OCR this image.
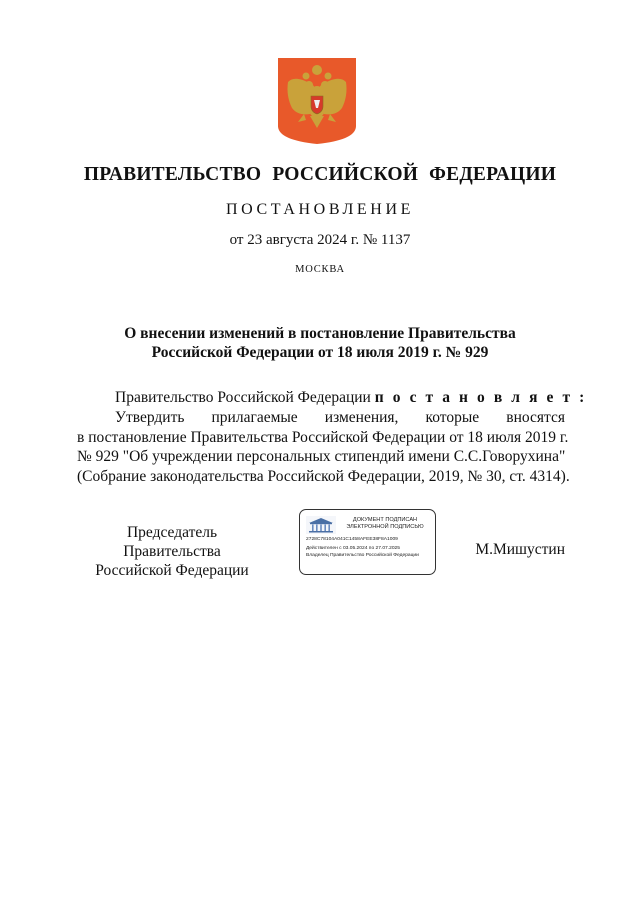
ПРАВИТЕЛЬСТВО РОССИЙСКОЙ ФЕДЕРАЦИИ
ПОСТАНОВЛЕНИЕ
от 23 августа 2024 г. № 1137
МОСКВА
О внесении изменений в постановление Правительства
Российской Федерации от 18 июля 2019 г. № 929
Правительство Российской Федерации п о с т а н о в л я е т :
Утвердить прилагаемые изменения, которые вносятся
в постановление Правительства Российской Федерации от 18 июля 2019 г.
№ 929 "Об учреждении персональных стипендий имени С.С.Говорухина"
(Собрание законодательства Российской Федерации, 2019, № 30, ст. 4314).
Председатель Правительства
Российской Федерации
ДОКУМЕНТ ПОДПИСАН
ЭЛЕКТРОННОЙ ПОДПИСЬЮ
2728C78104A041C1458AFEE38F8A1009
Действителен с 03.05.2024 по 27.07.2025
Владелец Правительство Российской Федерации	М.Мишустин
